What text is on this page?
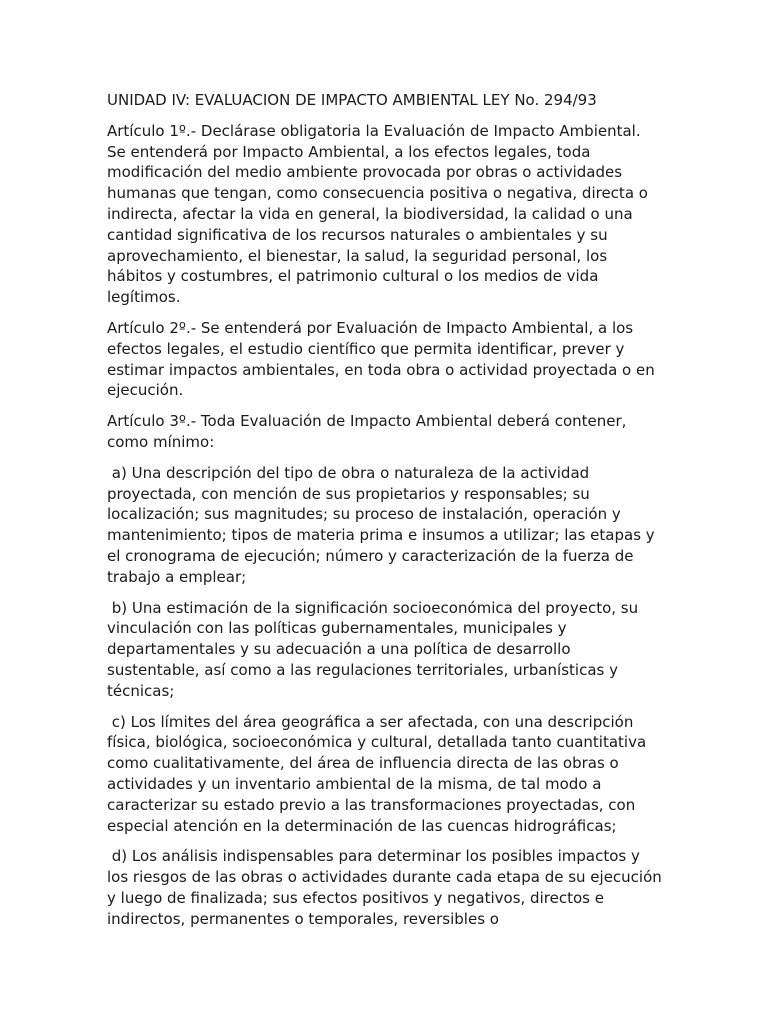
UNIDAD IV: EVALUACION DE IMPACTO AMBIENTAL LEY No. 294/93

Artículo 1º.- Declárase obligatoria la Evaluación de Impacto Ambiental. Se entenderá por Impacto Ambiental, a los efectos legales, toda modificación del medio ambiente provocada por obras o actividades humanas que tengan, como consecuencia positiva o negativa, directa o indirecta, afectar la vida en general, la biodiversidad, la calidad o una cantidad significativa de los recursos naturales o ambientales y su aprovechamiento, el bienestar, la salud, la seguridad personal, los hábitos y costumbres, el patrimonio cultural o los medios de vida legítimos.

Artículo 2º.- Se entenderá por Evaluación de Impacto Ambiental, a los efectos legales, el estudio científico que permita identificar, prever y estimar impactos ambientales, en toda obra o actividad proyectada o en ejecución.

Artículo 3º.- Toda Evaluación de Impacto Ambiental deberá contener, como mínimo:

a) Una descripción del tipo de obra o naturaleza de la actividad proyectada, con mención de sus propietarios y responsables; su localización; sus magnitudes; su proceso de instalación, operación y mantenimiento; tipos de materia prima e insumos a utilizar; las etapas y el cronograma de ejecución; número y caracterización de la fuerza de trabajo a emplear;

b) Una estimación de la significación socioeconómica del proyecto, su vinculación con las políticas gubernamentales, municipales y departamentales y su adecuación a una política de desarrollo sustentable, así como a las regulaciones territoriales, urbanísticas y técnicas;

c) Los límites del área geográfica a ser afectada, con una descripción física, biológica, socioeconómica y cultural, detallada tanto cuantitativa como cualitativamente, del área de influencia directa de las obras o actividades y un inventario ambiental de la misma, de tal modo a caracterizar su estado previo a las transformaciones proyectadas, con especial atención en la determinación de las cuencas hidrográficas;

d) Los análisis indispensables para determinar los posibles impactos y los riesgos de las obras o actividades durante cada etapa de su ejecución y luego de finalizada; sus efectos positivos y negativos, directos e indirectos, permanentes o temporales, reversibles o
